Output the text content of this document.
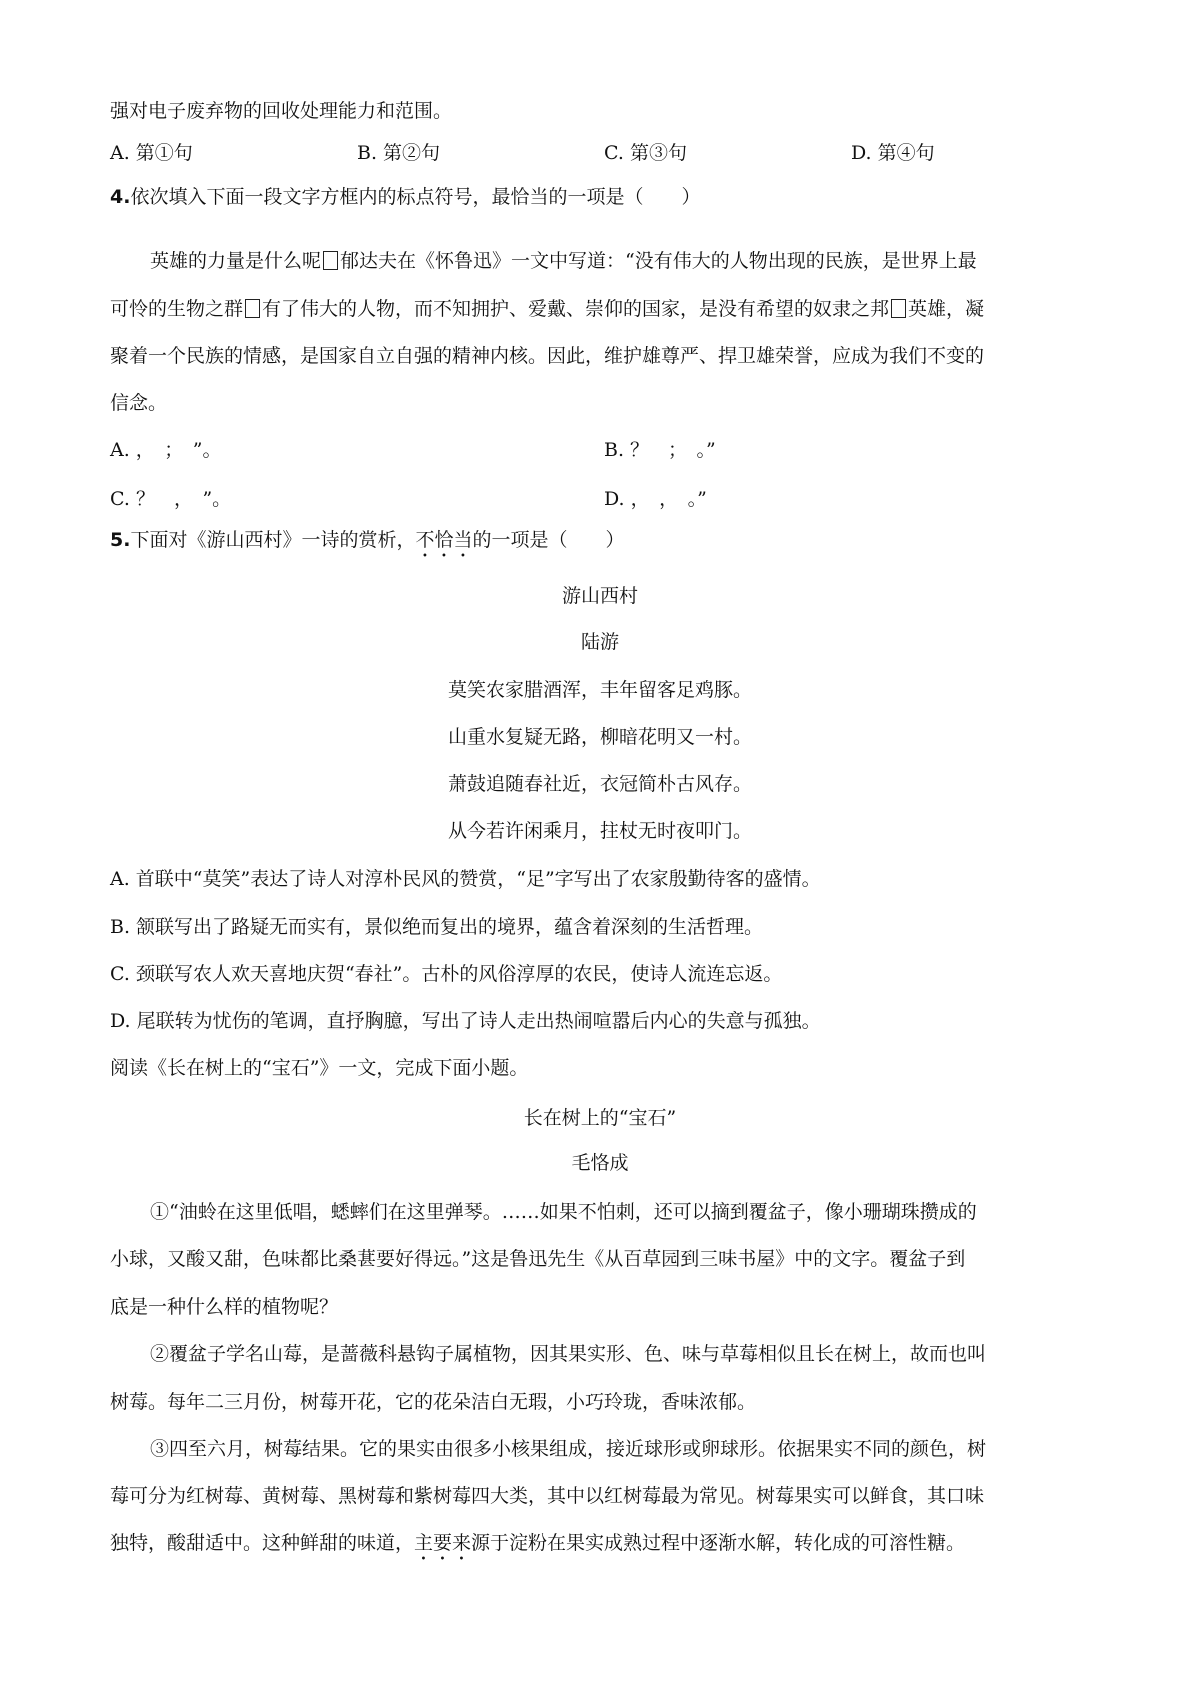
强对电子废弃物的回收处理能力和范围。
A. 第①句	B. 第②句	C. 第③句	D. 第④句
4.依次填入下面一段文字方框内的标点符号，最恰当的一项是（　　）
英雄的力量是什么呢 郁达夫在《怀鲁迅》一文中写道：“没有伟大的人物出现的民族，是世界上最
可怜的生物之群 有了伟大的人物，而不知拥护、爱戴、崇仰的国家，是没有希望的奴隶之邦 英雄，凝
聚着一个民族的情感，是国家自立自强的精神内核。因此，维护雄尊严、捍卫雄荣誉，应成为我们不变的
信念。
A. ，　；　”。	B. ？　；　。”
C. ？　，　”。	D. ，　，　。”
5.下面对《游山西村》一诗的赏析，不恰当的一项是（　　）
游山西村
陆游
莫笑农家腊酒浑，丰年留客足鸡豚。
山重水复疑无路，柳暗花明又一村。
萧鼓追随春社近，衣冠简朴古风存。
从今若许闲乘月，拄杖无时夜叩门。
A. 首联中“莫笑”表达了诗人对淳朴民风的赞赏，“足”字写出了农家殷勤待客的盛情。
B. 颔联写出了路疑无而实有，景似绝而复出的境界，蕴含着深刻的生活哲理。
C. 颈联写农人欢天喜地庆贺“春社”。古朴的风俗淳厚的农民，使诗人流连忘返。
D. 尾联转为忧伤的笔调，直抒胸臆，写出了诗人走出热闹喧嚣后内心的失意与孤独。
阅读《长在树上的“宝石”》一文，完成下面小题。
长在树上的“宝石”
毛恪成
①“油蛉在这里低唱，蟋蟀们在这里弹琴。……如果不怕刺，还可以摘到覆盆子，像小珊瑚珠攒成的
小球，又酸又甜，色味都比桑葚要好得远。”这是鲁迅先生《从百草园到三味书屋》中的文字。覆盆子到
底是一种什么样的植物呢？
②覆盆子学名山莓，是蔷薇科悬钩子属植物，因其果实形、色、味与草莓相似且长在树上，故而也叫
树莓。每年二三月份，树莓开花，它的花朵洁白无瑕，小巧玲珑，香味浓郁。
③四至六月，树莓结果。它的果实由很多小核果组成，接近球形或卵球形。依据果实不同的颜色，树
莓可分为红树莓、黄树莓、黑树莓和紫树莓四大类，其中以红树莓最为常见。树莓果实可以鲜食，其口味
独特，酸甜适中。这种鲜甜的味道，主要来源于淀粉在果实成熟过程中逐渐水解，转化成的可溶性糖。
